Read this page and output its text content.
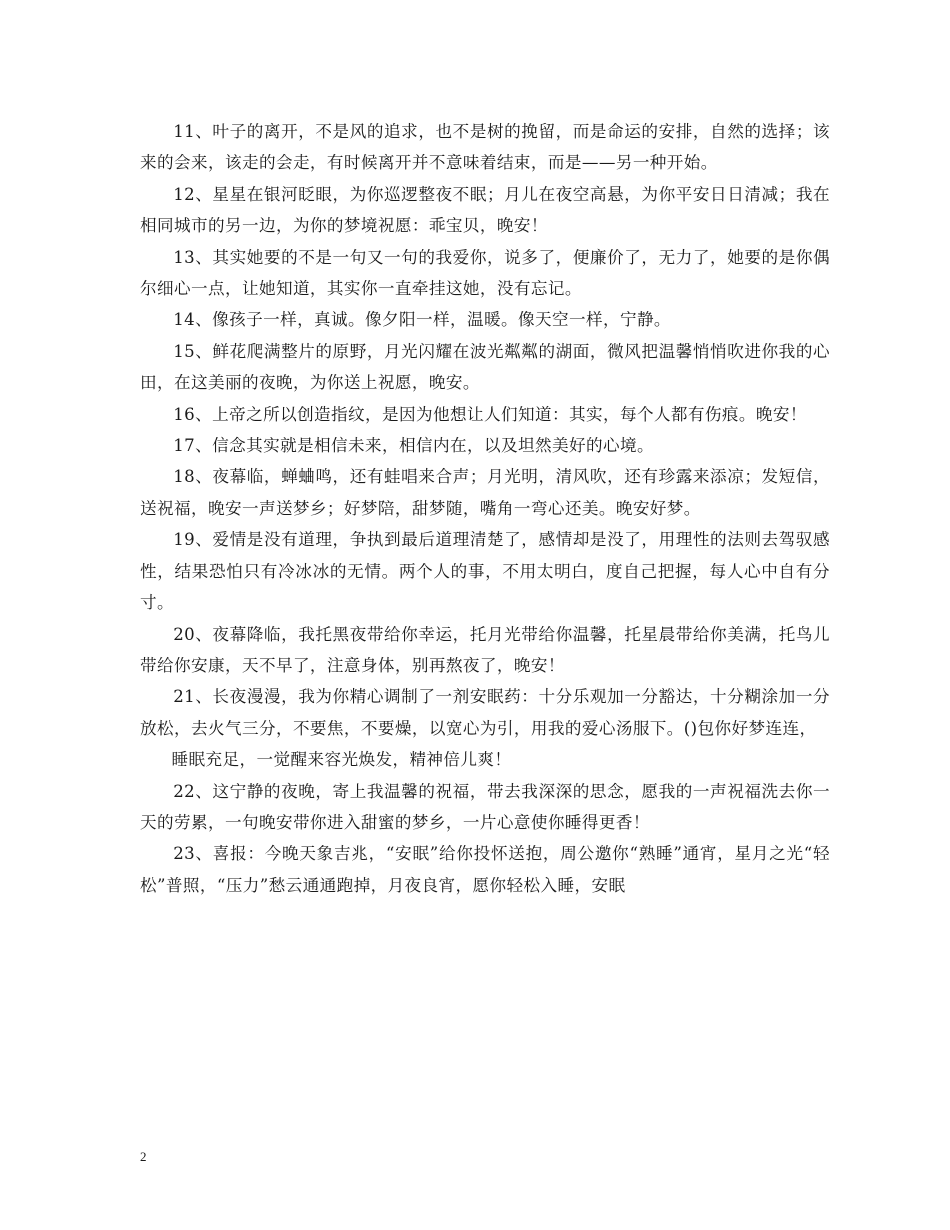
11、叶子的离开，不是风的追求，也不是树的挽留，而是命运的安排，自然的选择；该来的会来，该走的会走，有时候离开并不意味着结束，而是——另一种开始。

12、星星在银河眨眼，为你巡逻整夜不眠；月儿在夜空高悬，为你平安日日清减；我在相同城市的另一边，为你的梦境祝愿：乖宝贝，晚安！

13、其实她要的不是一句又一句的我爱你，说多了，便廉价了，无力了，她要的是你偶尔细心一点，让她知道，其实你一直牵挂这她，没有忘记。

14、像孩子一样，真诚。像夕阳一样，温暖。像天空一样，宁静。

15、鲜花爬满整片的原野，月光闪耀在波光粼粼的湖面，微风把温馨悄悄吹进你我的心田，在这美丽的夜晚，为你送上祝愿，晚安。

16、上帝之所以创造指纹，是因为他想让人们知道：其实，每个人都有伤痕。晚安！

17、信念其实就是相信未来，相信内在，以及坦然美好的心境。

18、夜幕临，蝉蛐鸣，还有蛙唱来合声；月光明，清风吹，还有珍露来添凉；发短信，送祝福，晚安一声送梦乡；好梦陪，甜梦随，嘴角一弯心还美。晚安好梦。

19、爱情是没有道理，争执到最后道理清楚了，感情却是没了，用理性的法则去驾驭感性，结果恐怕只有冷冰冰的无情。两个人的事，不用太明白，度自己把握，每人心中自有分寸。

20、夜幕降临，我托黑夜带给你幸运，托月光带给你温馨，托星晨带给你美满，托鸟儿带给你安康，天不早了，注意身体，别再熬夜了，晚安！

21、长夜漫漫，我为你精心调制了一剂安眠药：十分乐观加一分豁达，十分糊涂加一分放松，去火气三分，不要焦，不要燥，以宽心为引，用我的爱心汤服下。()包你好梦连连，

睡眠充足，一觉醒来容光焕发，精神倍儿爽！

22、这宁静的夜晚，寄上我温馨的祝福，带去我深深的思念，愿我的一声祝福洗去你一天的劳累，一句晚安带你进入甜蜜的梦乡，一片心意使你睡得更香！

23、喜报：今晚天象吉兆，“安眠”给你投怀送抱，周公邀你“熟睡”通宵，星月之光“轻松”普照，“压力”愁云通通跑掉，月夜良宵，愿你轻松入睡，安眠

2
